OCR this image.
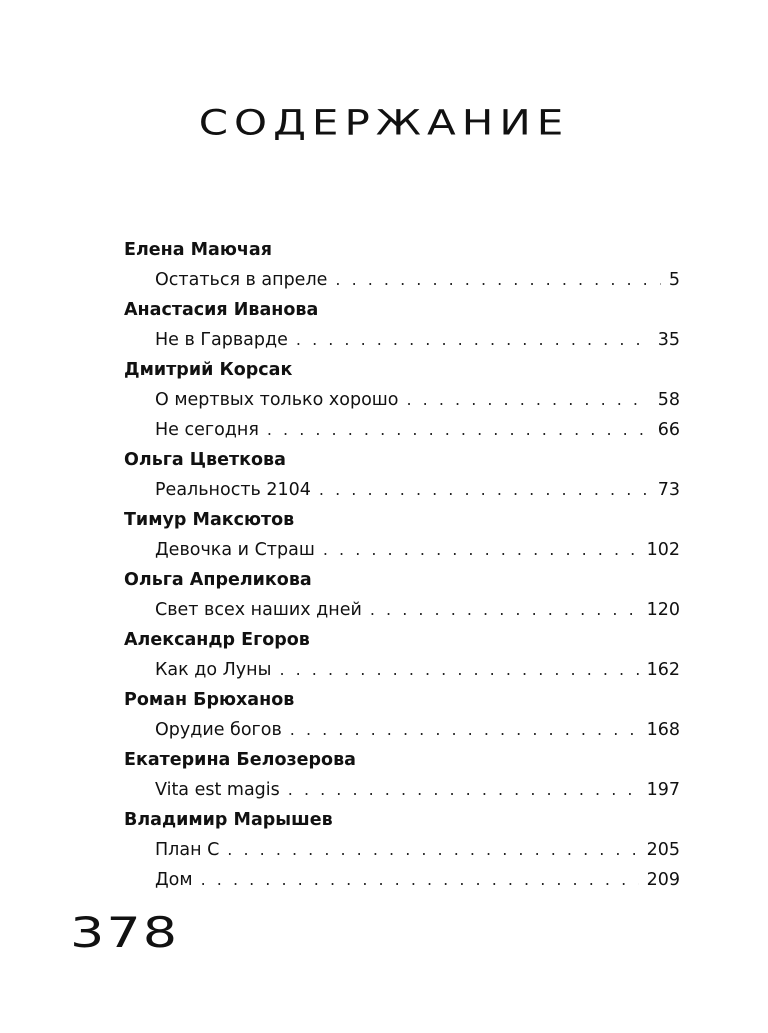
СОДЕРЖАНИЕ
Елена Маючая
Остаться в апреле . . .	5
Анастасия Иванова
Не в Гарварде . . .	35
Дмитрий Корсак
О мертвых только хорошо . . .	58
Не сегодня . . .	66
Ольга Цветкова
Реальность 2104 . . .	73
Тимур Максютов
Девочка и Страш . . .	102
Ольга Апреликова
Свет всех наших дней . . .	120
Александр Егоров
Как до Луны . . .	162
Роман Брюханов
Орудие богов . . .	168
Екатерина Белозерова
Vita est magis . . .	197
Владимир Марышев
План С . . .	205
Дом . . .	209
378
